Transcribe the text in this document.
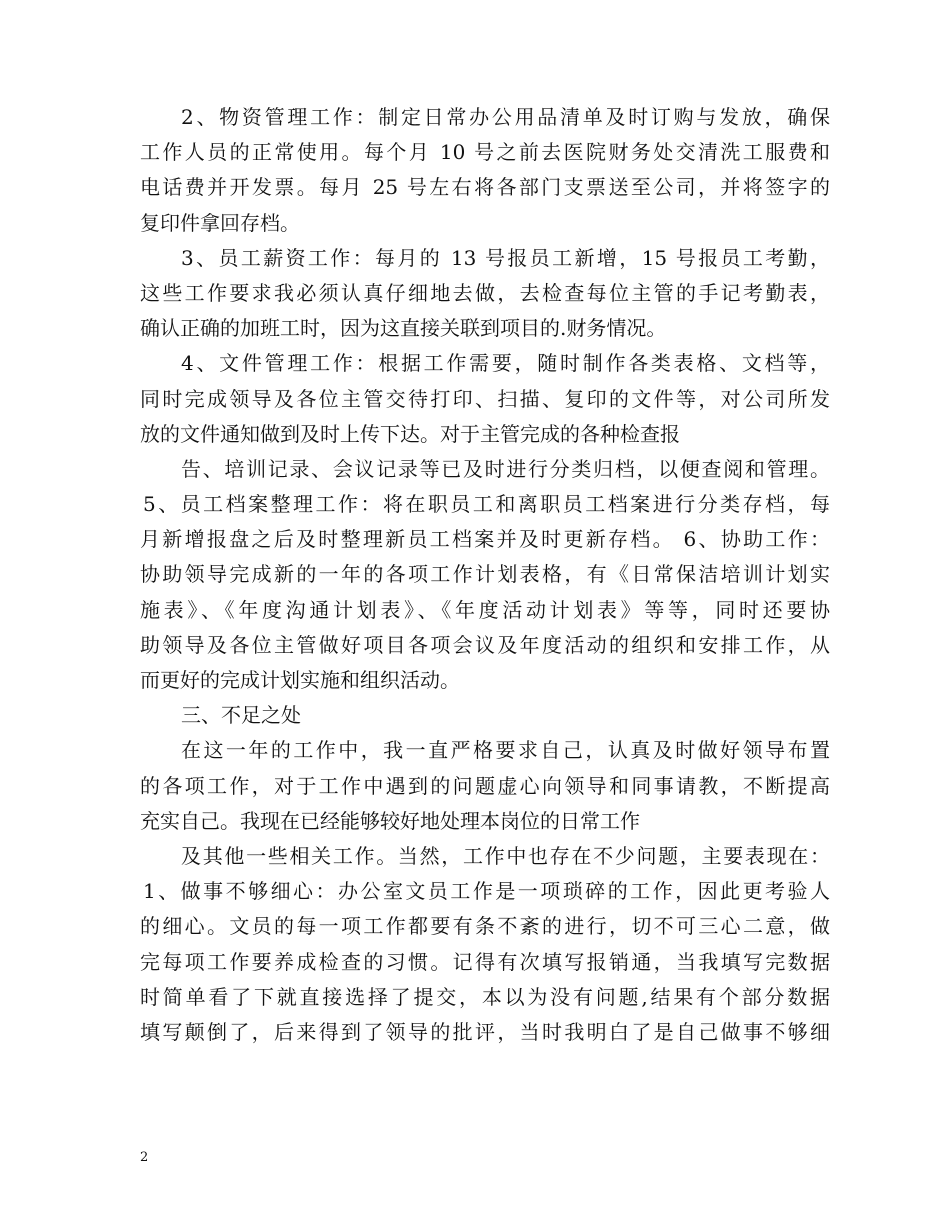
2、物资管理工作：制定日常办公用品清单及时订购与发放，确保
工作人员的正常使用。每个月 10 号之前去医院财务处交清洗工服费和
电话费并开发票。每月 25 号左右将各部门支票送至公司，并将签字的
复印件拿回存档。
3、员工薪资工作：每月的 13 号报员工新增，15 号报员工考勤，
这些工作要求我必须认真仔细地去做，去检查每位主管的手记考勤表，
确认正确的加班工时，因为这直接关联到项目的.财务情况。
4、文件管理工作：根据工作需要，随时制作各类表格、文档等，
同时完成领导及各位主管交待打印、扫描、复印的文件等，对公司所发
放的文件通知做到及时上传下达。对于主管完成的各种检查报
告、培训记录、会议记录等已及时进行分类归档，以便查阅和管理。
5、员工档案整理工作：将在职员工和离职员工档案进行分类存档，每
月新增报盘之后及时整理新员工档案并及时更新存档。 6、协助工作：
协助领导完成新的一年的各项工作计划表格，有《日常保洁培训计划实
施表》、《年度沟通计划表》、《年度活动计划表》等等，同时还要协
助领导及各位主管做好项目各项会议及年度活动的组织和安排工作，从
而更好的完成计划实施和组织活动。
三、不足之处
在这一年的工作中，我一直严格要求自己，认真及时做好领导布置
的各项工作，对于工作中遇到的问题虚心向领导和同事请教，不断提高
充实自己。我现在已经能够较好地处理本岗位的日常工作
及其他一些相关工作。当然，工作中也存在不少问题，主要表现在：
1、做事不够细心：办公室文员工作是一项琐碎的工作，因此更考验人
的细心。文员的每一项工作都要有条不紊的进行，切不可三心二意，做
完每项工作要养成检查的习惯。记得有次填写报销通，当我填写完数据
时简单看了下就直接选择了提交，本以为没有问题,结果有个部分数据
填写颠倒了，后来得到了领导的批评，当时我明白了是自己做事不够细
2
